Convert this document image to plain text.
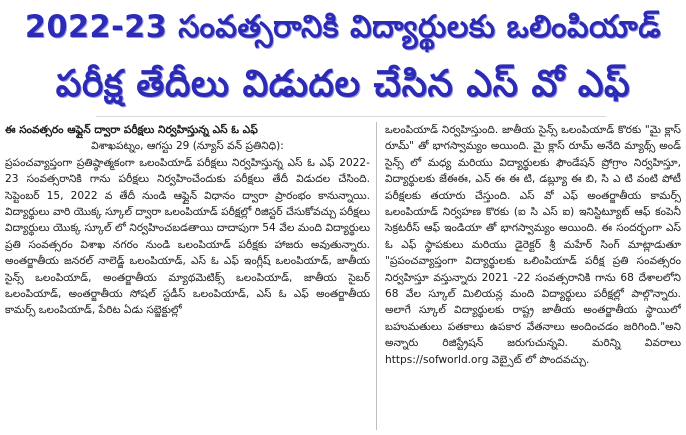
2022-23 సంవత్సరానికి విద్యార్థులకు ఒలింపియాడ్
పరీక్ష తేదీలు విడుదల చేసిన ఎస్ వో ఎఫ్

ఈ సంవత్సరం ఆఫ్లైన్ ద్వారా పరీక్షలు నిర్వహిస్తున్న ఎస్ ఓ ఎఫ్

విశాఖపట్నం, ఆగస్టు 29 (న్యూస్ వన్ ప్రతినిధి):

ప్రపంచవ్యాప్తంగా ప్రతిష్ఠాత్మకంగా ఒలంపియాడ్ పరీక్షలు నిర్వహిస్తున్న ఎస్ ఓ ఎఫ్ 2022-23 సంవత్సరానికి గాను పరీక్షలు నిర్వహించేందుకు పరీక్షలు తేదీ విడుదల చేసింది. సెప్టెంబర్ 15, 2022 వ తేదీ నుండి ఆఫ్లైన్ విధానం ద్వారా ప్రారంభం కానున్నాయి. విద్యార్థులు వారి యొక్క స్కూల్ ద్వారా ఒలంపియాడ్ పరీక్షల్లో రిజిస్టర్ చేసుకోవచ్చు పరీక్షలు విద్యార్థులు యొక్క స్కూల్ లో నిర్వహించబడతాయి దాదాపుగా 54 వేల మంది విద్యార్థులు ప్రతి సంవత్సరం విశాఖ నగరం నుండి ఒలంపియాడ్ పరీక్షకు హాజరు అవుతున్నారు. అంతర్జాతీయ జనరల్ నాలెడ్జ్ ఒలంపియాడ్, ఎస్ ఓ ఎఫ్ ఇంగ్లీష్ ఒలంపియాడ్, జాతీయ సైన్స్ ఒలంపియాడ్, అంతర్జాతీయ మ్యాథమెటిక్స్ ఒలంపియాడ్, జాతీయ సైబర్ ఒలంపియాడ్, అంతర్జాతీయ సోషల్ స్టడీస్ ఒలంపియాడ్, ఎస్ ఓ ఎఫ్ అంతర్జాతీయ కామర్స్ ఒలంపియాడ్, పేరిట ఏడు సబ్జెక్టుల్లో

ఒలంపియాడ్ నిర్వహిస్తుంది. జాతీయ సైన్స్ ఒలంపియాడ్ కొరకు "మై క్లాస్ రూమ్" తో భాగస్వామ్యం అయింది. మై క్లాస్ రూమ్ అనేది మ్యాథ్స్ అండ్ సైన్స్ లో మధ్య మరియు విద్యార్థులకు ఫౌండేషన్ ప్రోగ్రాం నిర్వహిస్తూ, విద్యార్థులకు జేఈఈ, ఎన్ ఈ ఈ టి, డబ్ల్యూ ఈ బి, సి ఎ టి వంటి పోటీ పరీక్షలకు తయారు చేస్తుంది. ఎస్ వో ఎఫ్ అంతర్జాతీయ కామర్స్ ఒలంపియాడ్ నిర్వహణ కొరకు (ఐ సి ఎస్ ఐ) ఇనిస్టిట్యూట్ ఆఫ్ కంపెనీ సెక్రటరీస్ ఆఫ్ ఇండియా తో భాగస్వామ్యం అయింది. ఈ సందర్భంగా ఎస్ ఓ ఎఫ్ స్థాపకులు మరియు డైరెక్టర్ శ్రీ మహేర్ సింగ్ మాట్లాడుతూ "ప్రపంచవ్యాప్తంగా విద్యార్థులకు ఒలింపియాడ్ పరీక్ష ప్రతి సంవత్సరం నిర్వహిస్తూ వస్తున్నారు 2021 -22 సంవత్సరానికి గాను 68 దేశాలలోని 68 వేల స్కూల్ మిలియన్ల మంది విద్యార్థులు పరీక్షల్లో పాల్గొన్నారు. అలాగే స్కూల్ విద్యార్థులకు రాష్ట్ర జాతీయ అంతర్జాతీయ స్థాయిలో బహుమతులు పతకాలు ఉపకార వేతనాలు అందించడం జరిగింది."అని అన్నారు రిజిస్ట్రేషన్ జరుగుచున్నవి. మరిన్ని వివరాలు https://sofworld.org వెబ్సైట్ లో పొందవచ్చు.
